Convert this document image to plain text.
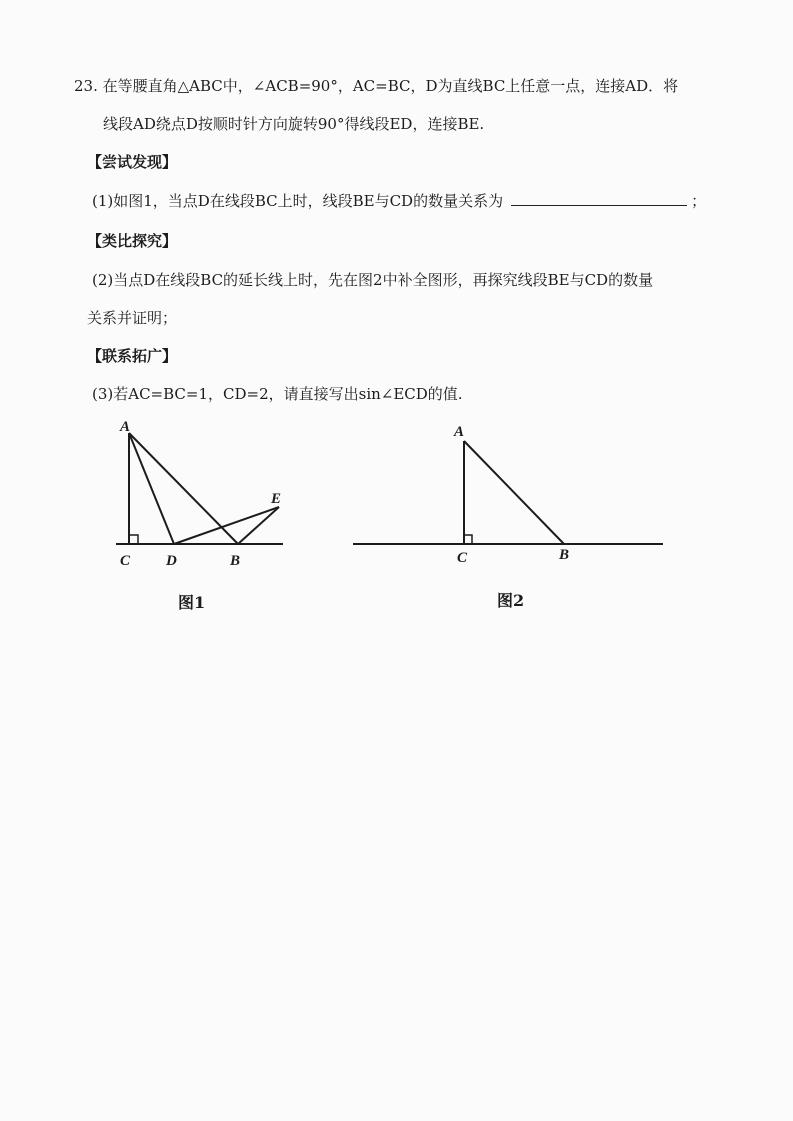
23. 在等腰直角△ABC中，∠ACB=90°，AC=BC，D为直线BC上任意一点，连接AD．将
线段AD绕点D按顺时针方向旋转90°得线段ED，连接BE.
【尝试发现】
(1)如图1，当点D在线段BC上时，线段BE与CD的数量关系为	；
【类比探究】
(2)当点D在线段BC的延长线上时，先在图2中补全图形，再探究线段BE与CD的数量
关系并证明；
【联系拓广】
(3)若AC=BC=1，CD=2，请直接写出sin∠ECD的值.
A
C D	B
E
A
C	B
图1	图2
